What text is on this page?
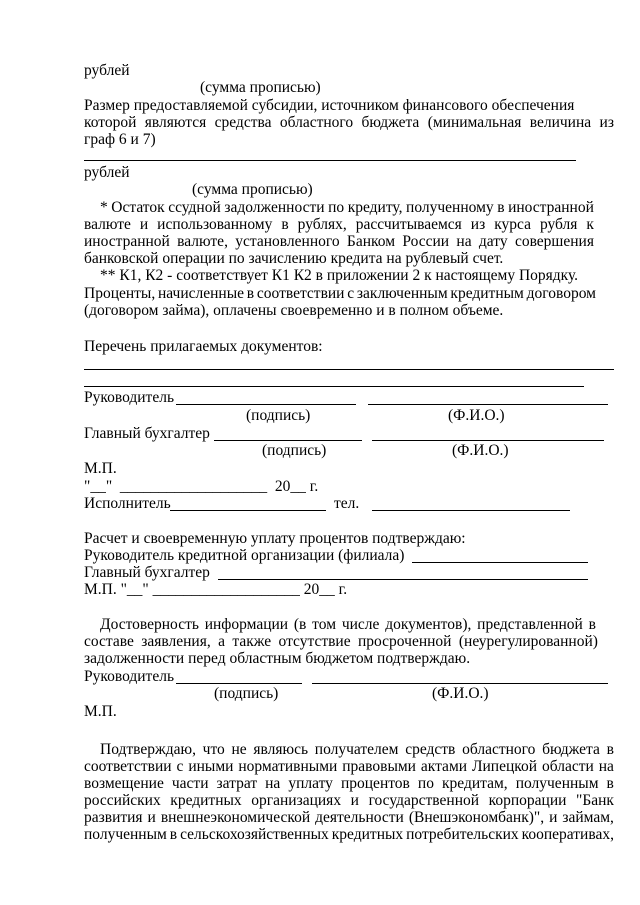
рублей
(сумма прописью)
Размер предоставляемой субсидии, источником финансового обеспечения
которой являются средства областного бюджета (минимальная величина из
граф 6 и 7)
рублей
(сумма прописью)
* Остаток ссудной задолженности по кредиту, полученному в иностранной
валюте и использованному в рублях, рассчитываемся из курса рубля к
иностранной валюте, установленного Банком России на дату совершения
банковской операции по зачислению кредита на рублевый счет.
** К1, К2 - соответствует К1 К2 в приложении 2 к настоящему Порядку.
Проценты, начисленные в соответствии с заключенным кредитным договором
(договором займа), оплачены своевременно и в полном объеме.
Перечень прилагаемых документов:
Руководитель
(подпись)	(Ф.И.О.)
Главный бухгалтер
(подпись)	(Ф.И.О.)
М.П.
"__"  ___________________  20__ г.
Исполнитель	тел.
Расчет и своевременную уплату процентов подтверждаю:
Руководитель кредитной организации (филиала)
Главный бухгалтер
М.П. "__" ___________________ 20__ г.
Достоверность информации (в том числе документов), представленной в
составе заявления, а также отсутствие просроченной (неурегулированной)
задолженности перед областным бюджетом подтверждаю.
Руководитель
(подпись)	(Ф.И.О.)
М.П.
Подтверждаю, что не являюсь получателем средств областного бюджета в
соответствии с иными нормативными правовыми актами Липецкой области на
возмещение части затрат на уплату процентов по кредитам, полученным в
российских кредитных организациях и государственной корпорации "Банк
развития и внешнеэкономической деятельности (Внешэкономбанк)", и займам,
полученным в сельскохозяйственных кредитных потребительских кооперативах,
